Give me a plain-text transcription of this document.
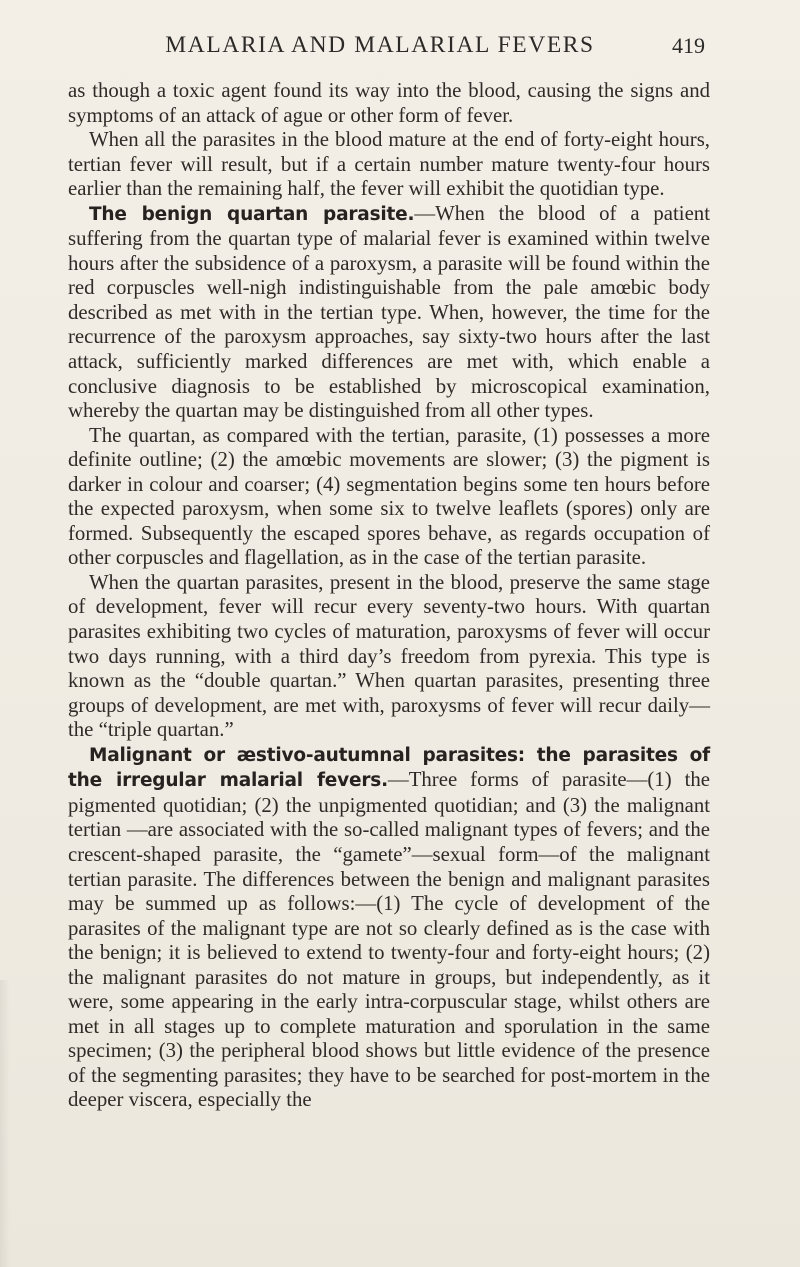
MALARIA AND MALARIAL FEVERS	419

as though a toxic agent found its way into the blood, causing the signs and symptoms of an attack of ague or other form of fever.

When all the parasites in the blood mature at the end of forty-eight hours, tertian fever will result, but if a certain number mature twenty-four hours earlier than the remaining half, the fever will exhibit the quotidian type.

The benign quartan parasite.—When the blood of a patient suffering from the quartan type of malarial fever is examined within twelve hours after the subsidence of a paroxysm, a parasite will be found within the red corpuscles well-nigh indistinguishable from the pale amœbic body described as met with in the tertian type. When, however, the time for the recurrence of the paroxysm approaches, say sixty-two hours after the last attack, sufficiently marked differences are met with, which enable a conclusive diagnosis to be established by microscopical examination, whereby the quartan may be distinguished from all other types.

The quartan, as compared with the tertian, parasite, (1) possesses a more definite outline; (2) the amœbic movements are slower; (3) the pigment is darker in colour and coarser; (4) segmentation begins some ten hours before the expected paroxysm, when some six to twelve leaflets (spores) only are formed. Subsequently the escaped spores behave, as regards occupation of other corpuscles and flagellation, as in the case of the tertian parasite.

When the quartan parasites, present in the blood, preserve the same stage of development, fever will recur every seventy-two hours. With quartan parasites exhibiting two cycles of maturation, paroxysms of fever will occur two days running, with a third day’s freedom from pyrexia. This type is known as the “double quartan.” When quartan parasites, presenting three groups of development, are met with, paroxysms of fever will recur daily—the “triple quartan.”

Malignant or æstivo-autumnal parasites: the parasites of the irregular malarial fevers.—Three forms of parasite—(1) the pigmented quotidian; (2) the unpigmented quotidian; and (3) the malignant tertian —are associated with the so-called malignant types of fevers; and the crescent-shaped parasite, the “gamete”—sexual form—of the malignant tertian parasite. The differences between the benign and malignant parasites may be summed up as follows:—(1) The cycle of development of the parasites of the malignant type are not so clearly defined as is the case with the benign; it is believed to extend to twenty-four and forty-eight hours; (2) the malignant parasites do not mature in groups, but independently, as it were, some appearing in the early intra-corpuscular stage, whilst others are met in all stages up to complete maturation and sporulation in the same specimen; (3) the peripheral blood shows but little evidence of the presence of the segmenting parasites; they have to be searched for post-mortem in the deeper viscera, especially the
